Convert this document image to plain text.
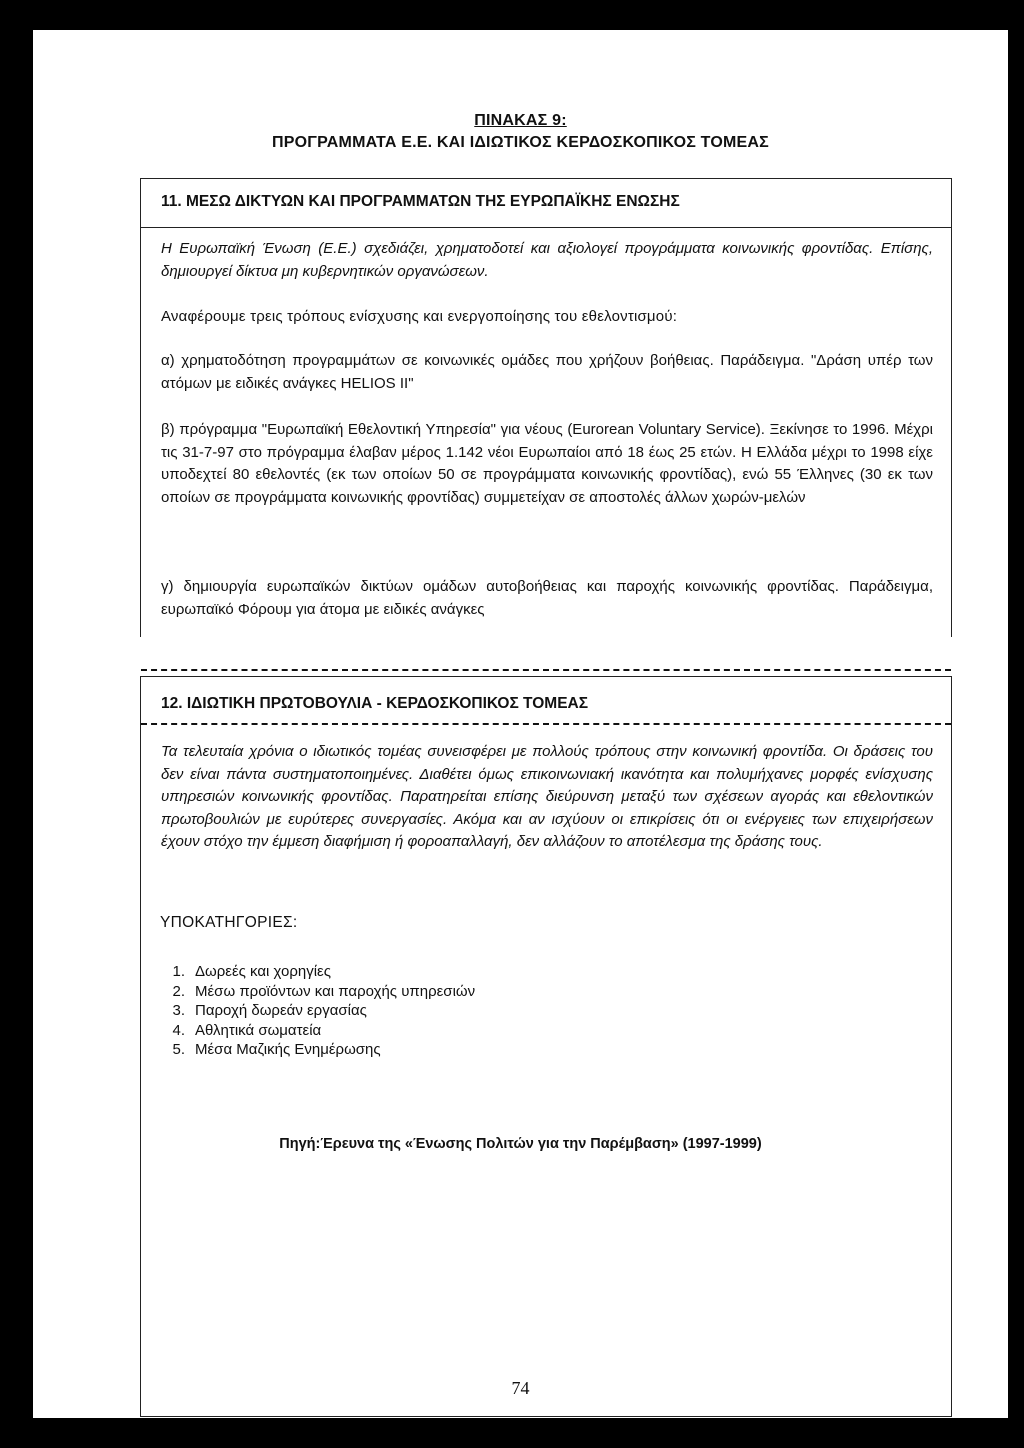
ΠΙΝΑΚΑΣ 9:
ΠΡΟΓΡΑΜΜΑΤΑ Ε.Ε. ΚΑΙ ΙΔΙΩΤΙΚΟΣ ΚΕΡΔΟΣΚΟΠΙΚΟΣ ΤΟΜΕΑΣ
11. ΜΕΣΩ ΔΙΚΤΥΩΝ ΚΑΙ ΠΡΟΓΡΑΜΜΑΤΩΝ ΤΗΣ ΕΥΡΩΠΑΪΚΗΣ ΕΝΩΣΗΣ
Η Ευρωπαϊκή Ένωση (Ε.Ε.) σχεδιάζει, χρηματοδοτεί και αξιολογεί προγράμματα κοινωνικής φροντίδας. Επίσης, δημιουργεί δίκτυα μη κυβερνητικών οργανώσεων.
Αναφέρουμε τρεις τρόπους ενίσχυσης και ενεργοποίησης του εθελοντισμού:
α) χρηματοδότηση προγραμμάτων σε κοινωνικές ομάδες που χρήζουν βοήθειας. Παράδειγμα. "Δράση υπέρ των ατόμων με ειδικές ανάγκες HELIOS II"
β) πρόγραμμα "Ευρωπαϊκή Εθελοντική Υπηρεσία" για νέους (Eurorean Voluntary Service). Ξεκίνησε το 1996. Μέχρι τις 31-7-97 στο πρόγραμμα έλαβαν μέρος 1.142 νέοι Ευρωπαίοι από 18 έως 25 ετών. Η Ελλάδα μέχρι το 1998 είχε υποδεχτεί 80 εθελοντές (εκ των οποίων 50 σε προγράμματα κοινωνικής φροντίδας), ενώ 55 Έλληνες (30 εκ των οποίων σε προγράμματα κοινωνικής φροντίδας) συμμετείχαν σε αποστολές άλλων χωρών-μελών
γ) δημιουργία ευρωπαϊκών δικτύων ομάδων αυτοβοήθειας και παροχής κοινωνικής φροντίδας. Παράδειγμα, ευρωπαϊκό Φόρουμ για άτομα με ειδικές ανάγκες
12. ΙΔΙΩΤΙΚΗ ΠΡΩΤΟΒΟΥΛΙΑ - ΚΕΡΔΟΣΚΟΠΙΚΟΣ ΤΟΜΕΑΣ
Τα τελευταία χρόνια ο ιδιωτικός τομέας συνεισφέρει με πολλούς τρόπους στην κοινωνική φροντίδα. Οι δράσεις του δεν είναι πάντα συστηματοποιημένες. Διαθέτει όμως επικοινωνιακή ικανότητα και πολυμήχανες μορφές ενίσχυσης υπηρεσιών κοινωνικής φροντίδας. Παρατηρείται επίσης διεύρυνση μεταξύ των σχέσεων αγοράς και εθελοντικών πρωτοβουλιών με ευρύτερες συνεργασίες. Ακόμα και αν ισχύουν οι επικρίσεις ότι οι ενέργειες των επιχειρήσεων έχουν στόχο την έμμεση διαφήμιση ή φοροαπαλλαγή, δεν αλλάζουν το αποτέλεσμα της δράσης τους.
ΥΠΟΚΑΤΗΓΟΡΙΕΣ:
1. Δωρεές και χορηγίες
2. Μέσω προϊόντων και παροχής υπηρεσιών
3. Παροχή δωρεάν εργασίας
4. Αθλητικά σωματεία
5. Μέσα Μαζικής Ενημέρωσης
Πηγή:Έρευνα της «Ένωσης Πολιτών για την Παρέμβαση» (1997-1999)
74
